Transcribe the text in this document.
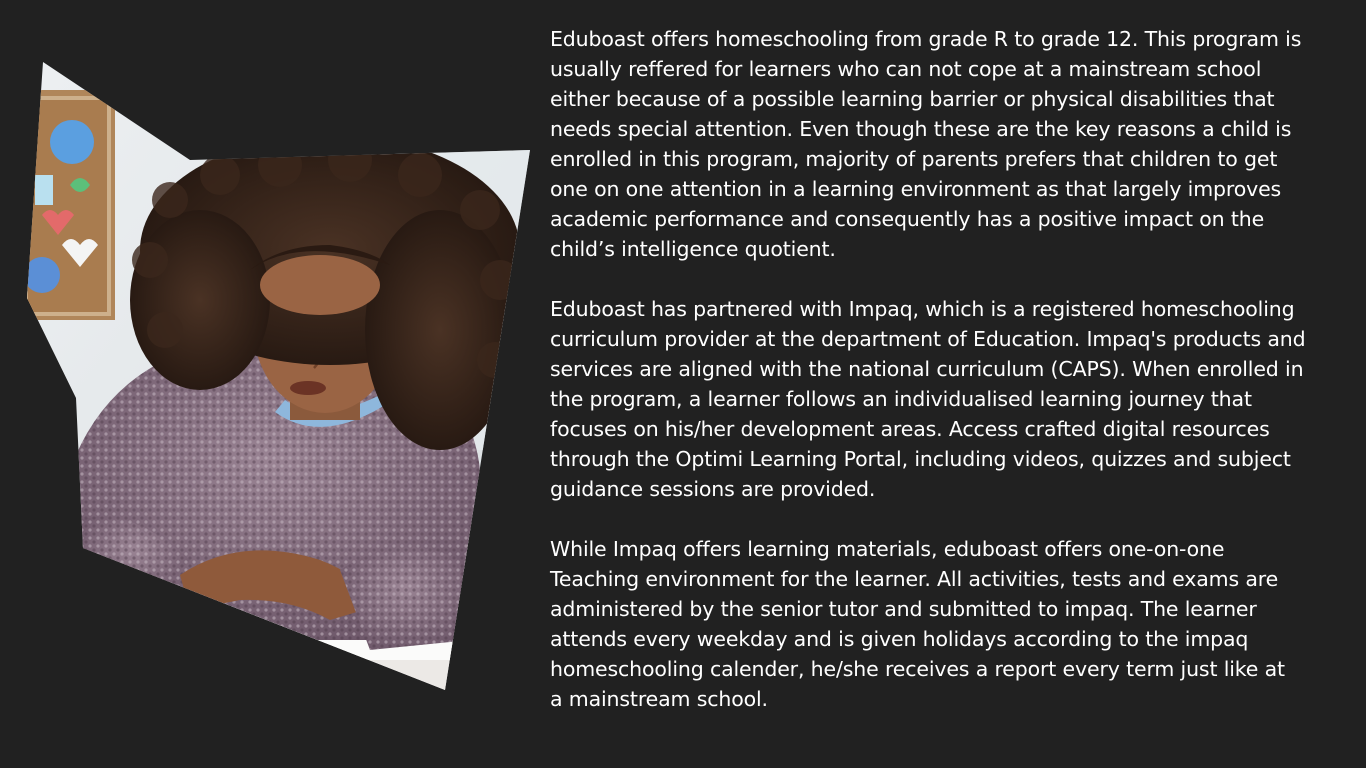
Eduboast offers homeschooling from grade R to grade 12. This program is
usually reffered for learners who can not cope at a mainstream school
either because of a possible learning barrier or physical disabilities that
needs special attention. Even though these are the key reasons a child is
enrolled in this program, majority of parents prefers that children to get
one on one attention in a learning environment as that largely improves
academic performance and consequently has a positive impact on the
child’s intelligence quotient.

Eduboast has partnered with Impaq, which is a registered homeschooling
curriculum provider at the department of Education. Impaq's products and
services are aligned with the national curriculum (CAPS). When enrolled in
the program, a learner follows an individualised learning journey that
focuses on his/her development areas. Access crafted digital resources
through the Optimi Learning Portal, including videos, quizzes and subject
guidance sessions are provided.

While Impaq offers learning materials, eduboast offers one-on-one
Teaching environment for the learner. All activities, tests and exams are
administered by the senior tutor and submitted to impaq. The learner
attends every weekday and is given holidays according to the impaq
homeschooling calender, he/she receives a report every term just like at
a mainstream school.
